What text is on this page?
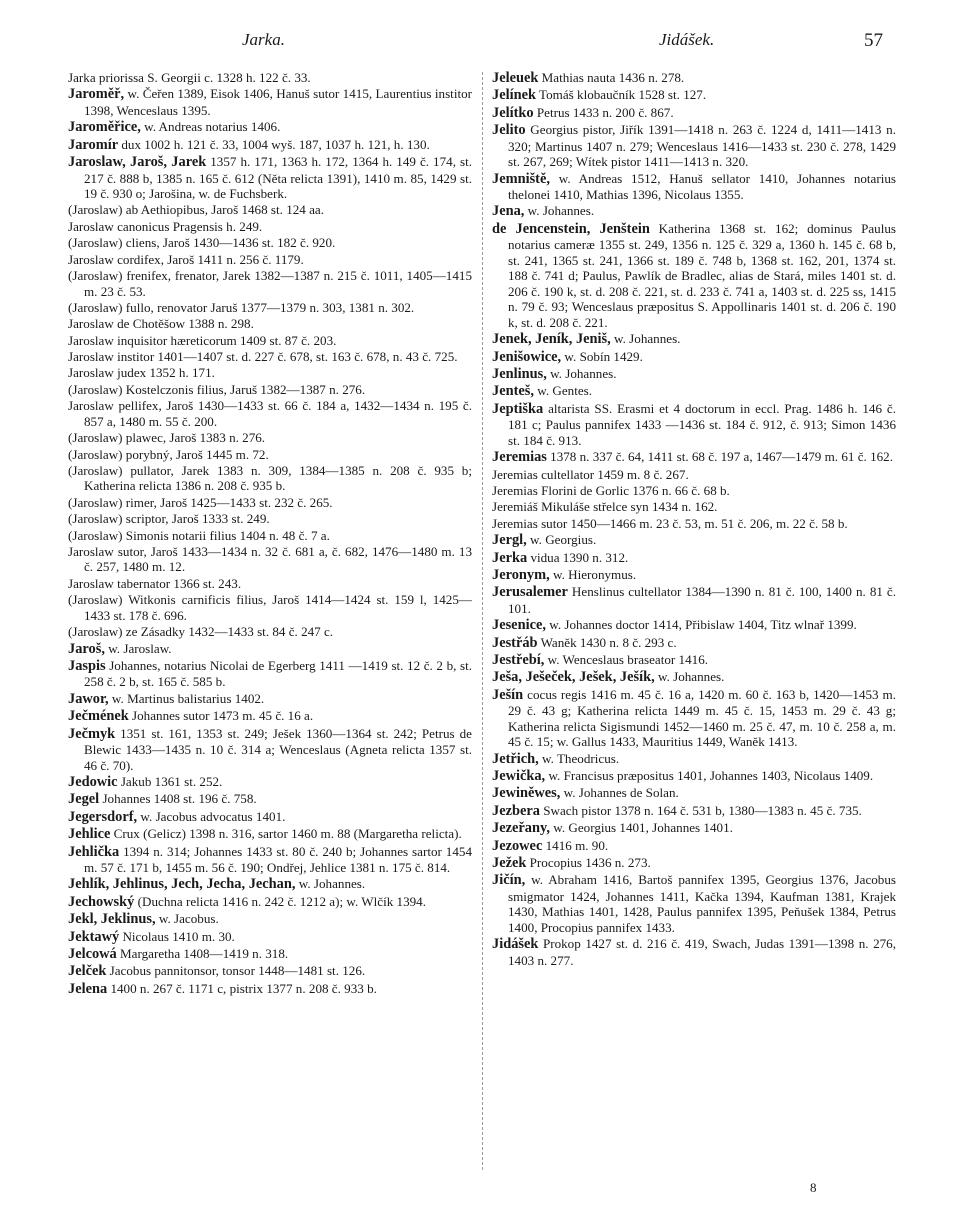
Jarka.	Jidášek.	57

Jarka priorissa S. Georgii c. 1328 h. 122 č. 33.

Jaroměř, w. Čeřen 1389, Eisok 1406, Hanuš sutor 1415, Laurentius institor 1398, Wenceslaus 1395.

Jaroměřice, w. Andreas notarius 1406.

Jaromír dux 1002 h. 121 č. 33, 1004 wyš. 187, 1037 h. 121, h. 130.

Jaroslaw, Jaroš, Jarek 1357 h. 171, 1363 h. 172, 1364 h. 149 č. 174, st. 217 č. 888 b, 1385 n. 165 č. 612 (Něta relicta 1391), 1410 m. 85, 1429 st. 19 č. 930 o; Jarošina, w. de Fuchsberk.

(Jaroslaw) ab Aethiopibus, Jaroš 1468 st. 124 aa.

Jaroslaw canonicus Pragensis h. 249.

(Jaroslaw) cliens, Jaroš 1430—1436 st. 182 č. 920.

Jaroslaw cordifex, Jaroš 1411 n. 256 č. 1179.

(Jaroslaw) frenifex, frenator, Jarek 1382—1387 n. 215 č. 1011, 1405—1415 m. 23 č. 53.

(Jaroslaw) fullo, renovator Jaruš 1377—1379 n. 303, 1381 n. 302.

Jaroslaw de Chotěšow 1388 n. 298.

Jaroslaw inquisitor hæreticorum 1409 st. 87 č. 203.

Jaroslaw institor 1401—1407 st. d. 227 č. 678, st. 163 č. 678, n. 43 č. 725.

Jaroslaw judex 1352 h. 171.

(Jaroslaw) Kostelczonis filius, Jaruš 1382—1387 n. 276.

Jaroslaw pellifex, Jaroš 1430—1433 st. 66 č. 184 a, 1432—1434 n. 195 č. 857 a, 1480 m. 55 č. 200.

(Jaroslaw) plawec, Jaroš 1383 n. 276.

(Jaroslaw) porybný, Jaroš 1445 m. 72.

(Jaroslaw) pullator, Jarek 1383 n. 309, 1384—1385 n. 208 č. 935 b; Katherina relicta 1386 n. 208 č. 935 b.

(Jaroslaw) rimer, Jaroš 1425—1433 st. 232 č. 265.

(Jaroslaw) scriptor, Jaroš 1333 st. 249.

(Jaroslaw) Simonis notarii filius 1404 n. 48 č. 7 a.

Jaroslaw sutor, Jaroš 1433—1434 n. 32 č. 681 a, č. 682, 1476—1480 m. 13 č. 257, 1480 m. 12.

Jaroslaw tabernator 1366 st. 243.

(Jaroslaw) Witkonis carnificis filius, Jaroš 1414—1424 st. 159 l, 1425—1433 st. 178 č. 696.

(Jaroslaw) ze Zásadky 1432—1433 st. 84 č. 247 c.

Jaroš, w. Jaroslaw.

Jaspis Johannes, notarius Nicolai de Egerberg 1411 —1419 st. 12 č. 2 b, st. 258 č. 2 b, st. 165 č. 585 b.

Jawor, w. Martinus balistarius 1402.

Ječmének Johannes sutor 1473 m. 45 č. 16 a.

Ječmyk 1351 st. 161, 1353 st. 249; Ješek 1360—1364 st. 242; Petrus de Blewic 1433—1435 n. 10 č. 314 a; Wenceslaus (Agneta relicta 1357 st. 46 č. 70).

Jedowic Jakub 1361 st. 252.

Jegel Johannes 1408 st. 196 č. 758.

Jegersdorf, w. Jacobus advocatus 1401.

Jehlice Crux (Gelicz) 1398 n. 316, sartor 1460 m. 88 (Margaretha relicta).

Jehlička 1394 n. 314; Johannes 1433 st. 80 č. 240 b; Johannes sartor 1454 m. 57 č. 171 b, 1455 m. 56 č. 190; Ondřej, Jehlice 1381 n. 175 č. 814.

Jehlík, Jehlinus, Jech, Jecha, Jechan, w. Johannes.

Jechowský (Duchna relicta 1416 n. 242 č. 1212 a); w. Wlčík 1394.

Jekl, Jeklinus, w. Jacobus.

Jektawý Nicolaus 1410 m. 30.

Jelcowá Margaretha 1408—1419 n. 318.

Jelček Jacobus pannitonsor, tonsor 1448—1481 st. 126.

Jelena 1400 n. 267 č. 1171 c, pistrix 1377 n. 208 č. 933 b.

Jeleuek Mathias nauta 1436 n. 278.

Jelínek Tomáš klobaučník 1528 st. 127.

Jelítko Petrus 1433 n. 200 č. 867.

Jelito Georgius pistor, Jiřík 1391—1418 n. 263 č. 1224 d, 1411—1413 n. 320; Martinus 1407 n. 279; Wenceslaus 1416—1433 st. 230 č. 278, 1429 st. 267, 269; Wítek pistor 1411—1413 n. 320.

Jemniště, w. Andreas 1512, Hanuš sellator 1410, Johannes notarius thelonei 1410, Mathias 1396, Nicolaus 1355.

Jena, w. Johannes.

de Jencenstein, Jenštein Katherina 1368 st. 162; dominus Paulus notarius cameræ 1355 st. 249, 1356 n. 125 č. 329 a, 1360 h. 145 č. 68 b, st. 241, 1365 st. 241, 1366 st. 189 č. 748 b, 1368 st. 162, 201, 1374 st. 188 č. 741 d; Paulus, Pawlík de Bradlec, alias de Stará, miles 1401 st. d. 206 č. 190 k, st. d. 208 č. 221, st. d. 233 č. 741 a, 1403 st. d. 225 ss, 1415 n. 79 č. 93; Wenceslaus præpositus S. Appollinaris 1401 st. d. 206 č. 190 k, st. d. 208 č. 221.

Jenek, Jeník, Jeniš, w. Johannes.

Jenišowice, w. Sobín 1429.

Jenlinus, w. Johannes.

Jenteš, w. Gentes.

Jeptiška altarista SS. Erasmi et 4 doctorum in eccl. Prag. 1486 h. 146 č. 181 c; Paulus pannifex 1433 —1436 st. 184 č. 912, č. 913; Simon 1436 st. 184 č. 913.

Jeremias 1378 n. 337 č. 64, 1411 st. 68 č. 197 a, 1467—1479 m. 61 č. 162.

Jeremias cultellator 1459 m. 8 č. 267.

Jeremias Florini de Gorlic 1376 n. 66 č. 68 b.

Jeremiáš Mikuláše střelce syn 1434 n. 162.

Jeremias sutor 1450—1466 m. 23 č. 53, m. 51 č. 206, m. 22 č. 58 b.

Jergl, w. Georgius.

Jerka vidua 1390 n. 312.

Jeronym, w. Hieronymus.

Jerusalemer Henslinus cultellator 1384—1390 n. 81 č. 100, 1400 n. 81 č. 101.

Jesenice, w. Johannes doctor 1414, Přibislaw 1404, Titz wlnař 1399.

Jestřáb Waněk 1430 n. 8 č. 293 c.

Jestřebí, w. Wenceslaus braseator 1416.

Ješa, Ješeček, Ješek, Ješík, w. Johannes.

Ješín cocus regis 1416 m. 45 č. 16 a, 1420 m. 60 č. 163 b, 1420—1453 m. 29 č. 43 g; Katherina relicta 1449 m. 45 č. 15, 1453 m. 29 č. 43 g; Katherina relicta Sigismundi 1452—1460 m. 25 č. 47, m. 10 č. 258 a, m. 45 č. 15; w. Gallus 1433, Mauritius 1449, Waněk 1413.

Jetřich, w. Theodricus.

Jewička, w. Francisus præpositus 1401, Johannes 1403, Nicolaus 1409.

Jewiněwes, w. Johannes de Solan.

Jezbera Swach pistor 1378 n. 164 č. 531 b, 1380—1383 n. 45 č. 735.

Jezeřany, w. Georgius 1401, Johannes 1401.

Jezowec 1416 m. 90.

Ježek Procopius 1436 n. 273.

Jičín, w. Abraham 1416, Bartoš pannifex 1395, Georgius 1376, Jacobus smigmator 1424, Johannes 1411, Kačka 1394, Kaufman 1381, Krajek 1430, Mathias 1401, 1428, Paulus pannifex 1395, Peňušek 1384, Petrus 1400, Procopius pannifex 1433.

Jidášek Prokop 1427 st. d. 216 č. 419, Swach, Judas 1391—1398 n. 276, 1403 n. 277.

8
